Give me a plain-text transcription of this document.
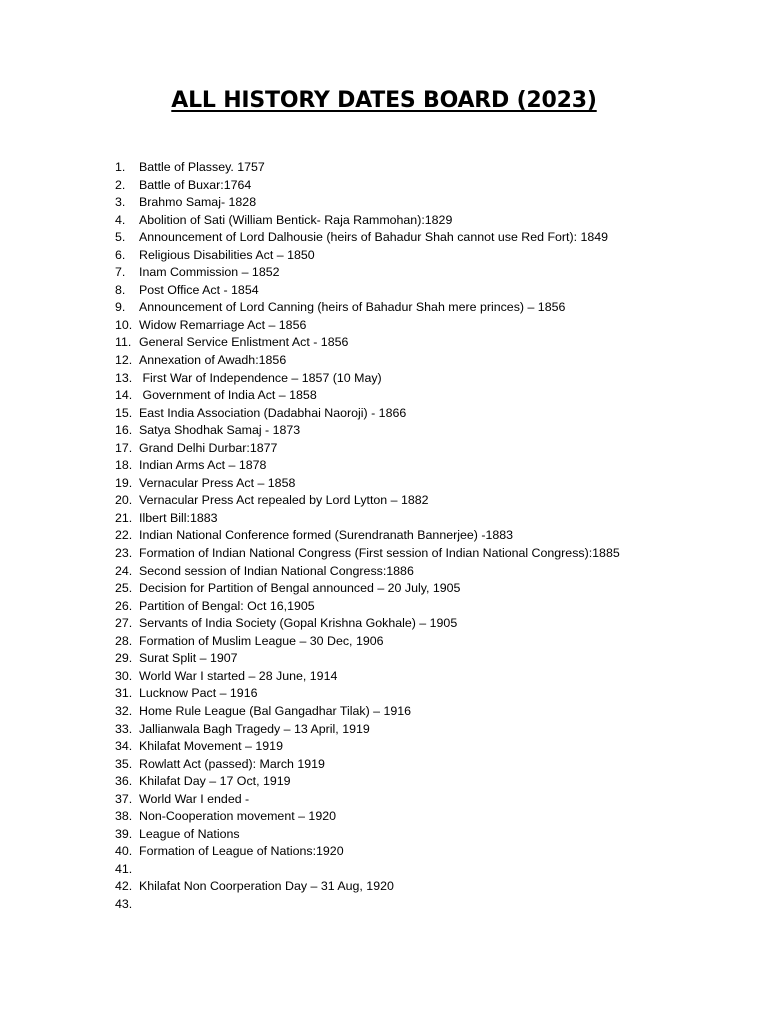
ALL HISTORY DATES BOARD (2023)
1.	Battle of Plassey. 1757
2.	Battle of Buxar:1764
3.	Brahmo Samaj- 1828
4.	Abolition of Sati (William Bentick- Raja Rammohan):1829
5.	Announcement of Lord Dalhousie (heirs of Bahadur Shah cannot use Red Fort): 1849
6.	Religious Disabilities Act – 1850
7.	Inam Commission – 1852
8.	Post Office Act - 1854
9.	Announcement of Lord Canning (heirs of Bahadur Shah mere princes) – 1856
10. Widow Remarriage Act – 1856
11. General Service Enlistment Act - 1856
12. Annexation of Awadh:1856
13. First War of Independence – 1857 (10 May)
14. Government of India Act – 1858
15. East India Association (Dadabhai Naoroji) - 1866
16. Satya Shodhak Samaj - 1873
17. Grand Delhi Durbar:1877
18. Indian Arms Act – 1878
19. Vernacular Press Act – 1858
20. Vernacular Press Act repealed by Lord Lytton – 1882
21. Ilbert Bill:1883
22. Indian National Conference formed (Surendranath Bannerjee) -1883
23. Formation of Indian National Congress (First session of Indian National Congress):1885
24. Second session of Indian National Congress:1886
25. Decision for Partition of Bengal announced – 20 July, 1905
26. Partition of Bengal: Oct 16,1905
27. Servants of India Society (Gopal Krishna Gokhale) – 1905
28. Formation of Muslim League – 30 Dec, 1906
29. Surat Split – 1907
30. World War I started – 28 June, 1914
31. Lucknow Pact – 1916
32. Home Rule League (Bal Gangadhar Tilak) – 1916
33. Jallianwala Bagh Tragedy – 13 April, 1919
34. Khilafat Movement – 1919
35. Rowlatt Act (passed): March 1919
36. Khilafat Day – 17 Oct, 1919
37. World War I ended -
38. Non-Cooperation movement – 1920
39. League of Nations
40. Formation of League of Nations:1920
41.
42. Khilafat Non Coorperation Day – 31 Aug, 1920
43.
